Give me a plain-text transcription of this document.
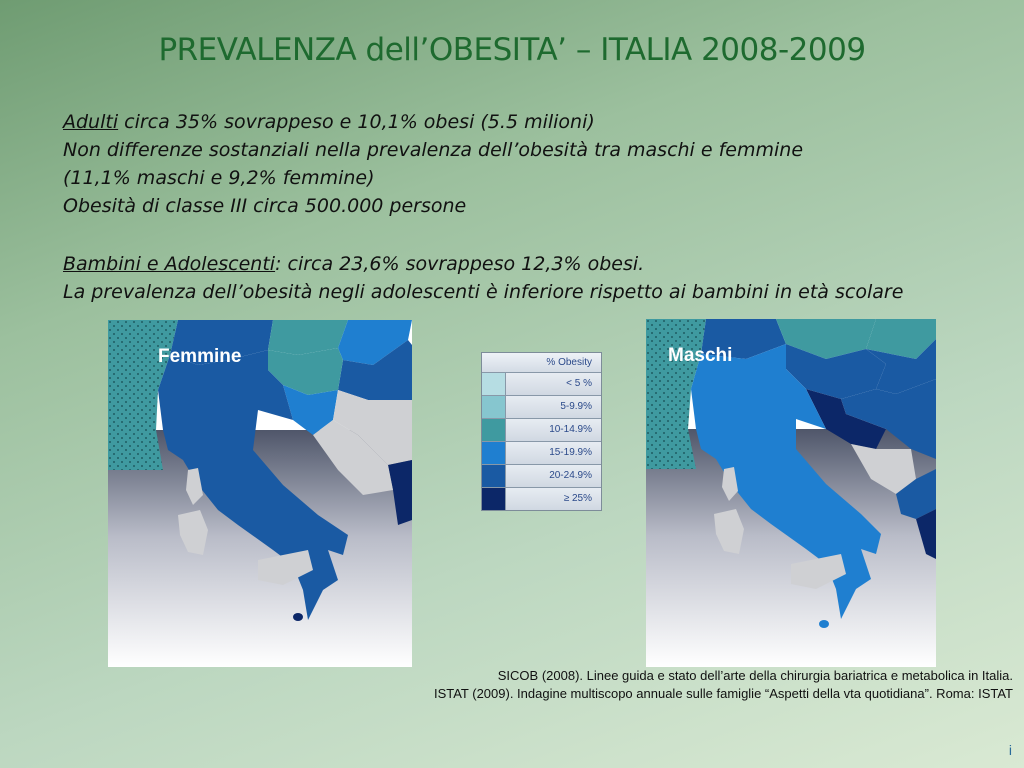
PREVALENZA dell’OBESITA’ – ITALIA 2008-2009
Adulti circa 35% sovrappeso e 10,1% obesi (5.5 milioni)
Non differenze sostanziali nella prevalenza dell’obesità tra maschi e femmine
(11,1% maschi e 9,2% femmine)
Obesità di classe III circa 500.000 persone
Bambini e Adolescenti: circa 23,6% sovrappeso 12,3% obesi.
La prevalenza dell’obesità negli adolescenti è inferiore rispetto ai bambini in età scolare
Femmine	% Obesity
< 5 %
5-9.9%
10-14.9%
15-19.9%
20-24.9%
≥ 25%
Maschi
SICOB (2008). Linee guida e stato dell’arte della chirurgia bariatrica e metabolica in Italia.
ISTAT (2009). Indagine multiscopo annuale sulle famiglie “Aspetti della vta quotidiana”. Roma: ISTAT
i
